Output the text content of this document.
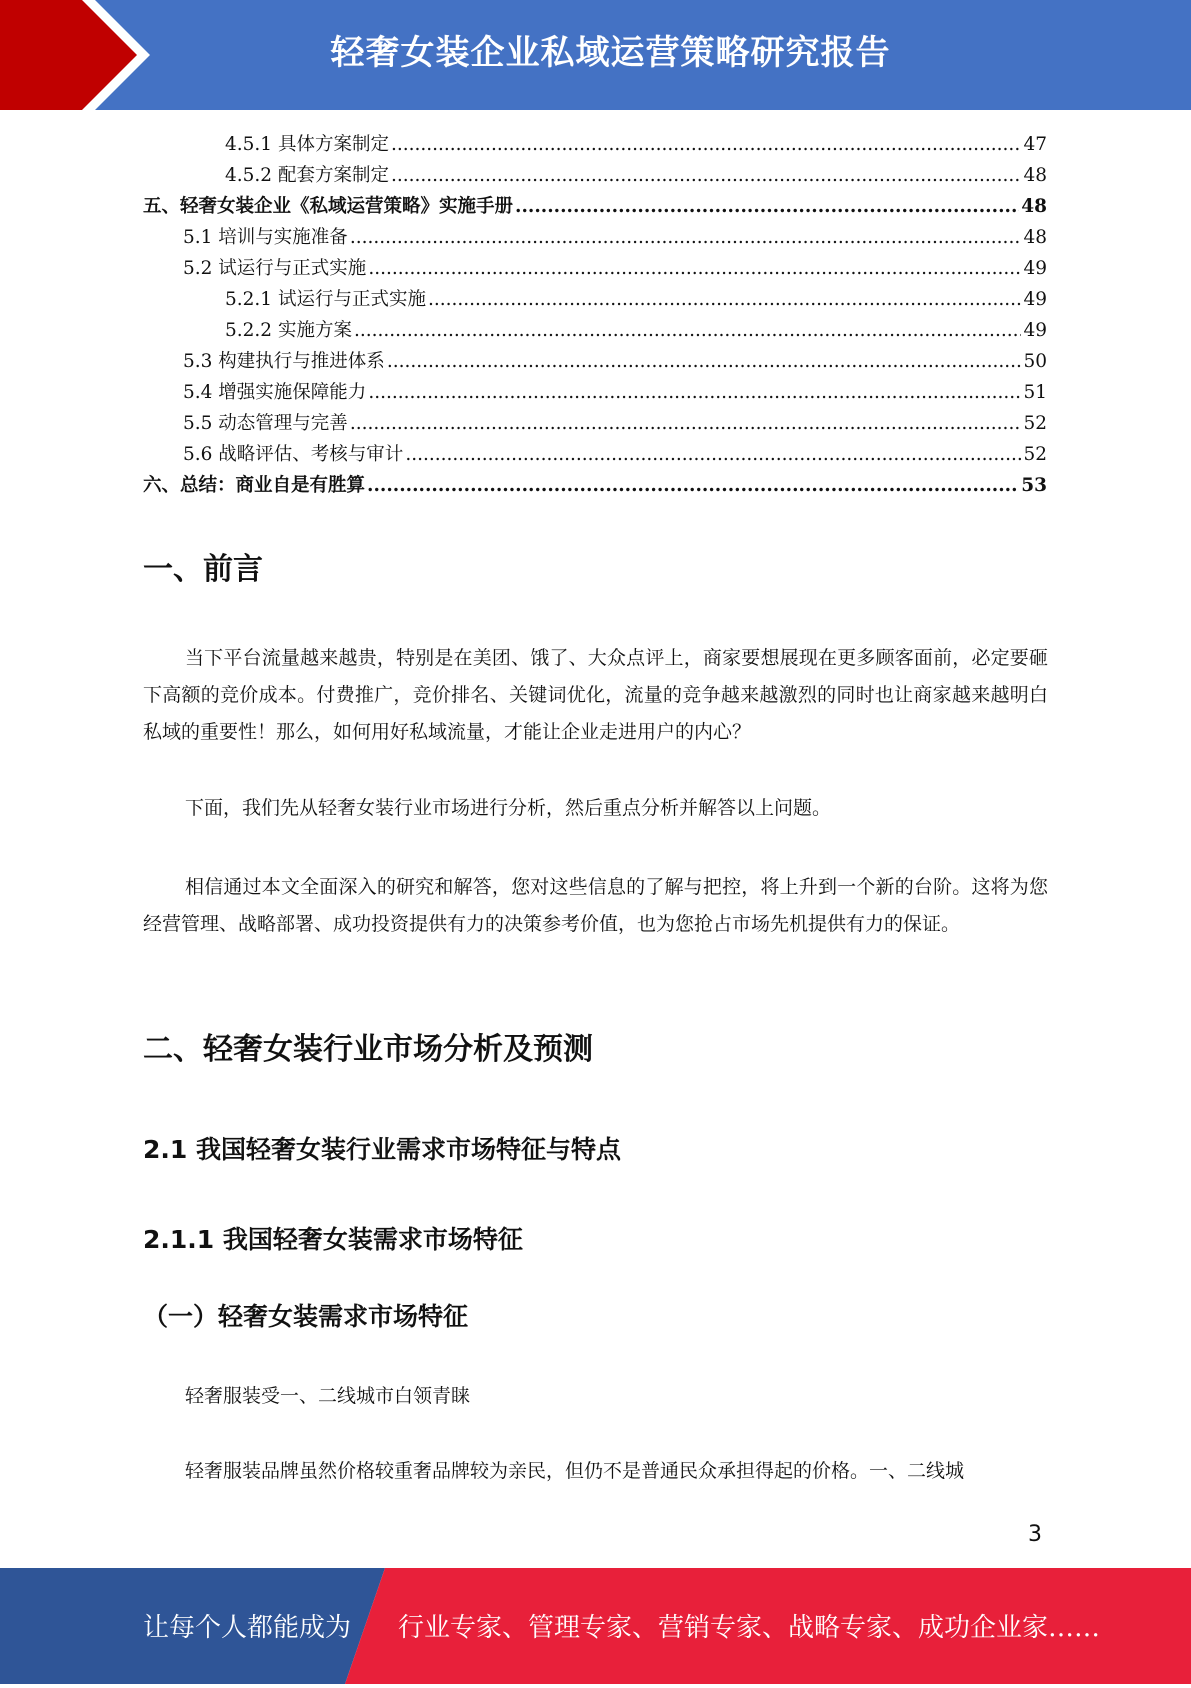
轻奢女装企业私域运营策略研究报告
4.5.1 具体方案制定 .....	47
4.5.2 配套方案制定 .....	48
五、轻奢女装企业《私域运营策略》实施手册 .....	48
5.1 培训与实施准备 .....	48
5.2 试运行与正式实施 .....	49
5.2.1 试运行与正式实施 .....	49
5.2.2 实施方案 .....	49
5.3 构建执行与推进体系 .....	50
5.4 增强实施保障能力 .....	51
5.5 动态管理与完善 .....	52
5.6 战略评估、考核与审计 .....	52
六、总结：商业自是有胜算 .....	53
一、前言
当下平台流量越来越贵，特别是在美团、饿了、大众点评上，商家要想展现在更多顾客面前，必定要砸下高额的竞价成本。付费推广，竞价排名、关键词优化，流量的竞争越来越激烈的同时也让商家越来越明白私域的重要性！那么，如何用好私域流量，才能让企业走进用户的内心？
下面，我们先从轻奢女装行业市场进行分析，然后重点分析并解答以上问题。
相信通过本文全面深入的研究和解答，您对这些信息的了解与把控，将上升到一个新的台阶。这将为您经营管理、战略部署、成功投资提供有力的决策参考价值，也为您抢占市场先机提供有力的保证。
二、轻奢女装行业市场分析及预测
2.1 我国轻奢女装行业需求市场特征与特点
2.1.1 我国轻奢女装需求市场特征
（一）轻奢女装需求市场特征
轻奢服装受一、二线城市白领青睐
轻奢服装品牌虽然价格较重奢品牌较为亲民，但仍不是普通民众承担得起的价格。一、二线城
3
让每个人都能成为 行业专家、管理专家、营销专家、战略专家、成功企业家……
